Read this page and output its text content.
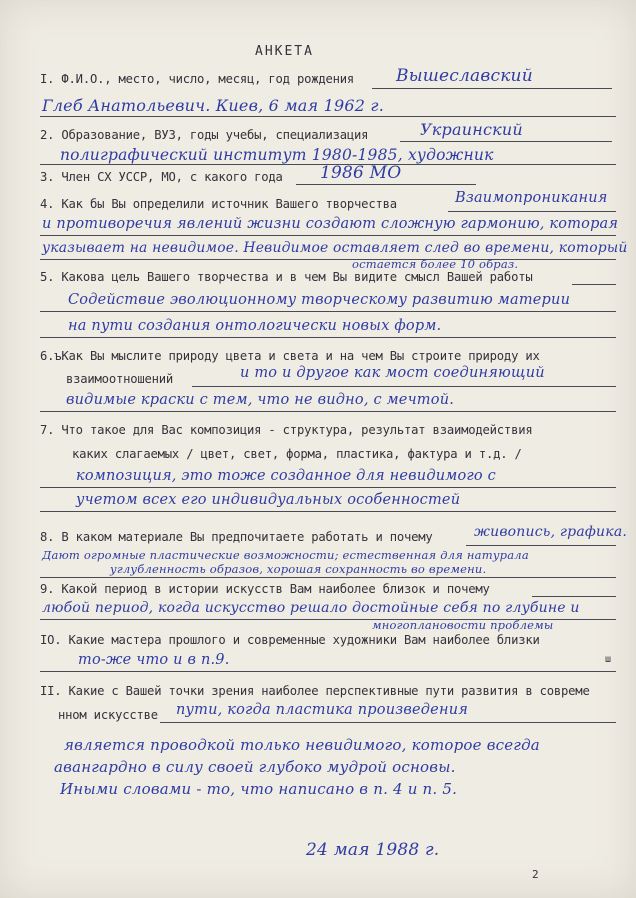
АНКЕТА
I. Ф.И.О., место, число, месяц, год рождения Вышеславский
Глеб Анатольевич. Киев, 6 мая 1962 г.
2. Образование, ВУЗ, годы учебы, специализация	Украинский
полиграфический институт 1980-1985, художник
3. Член СХ УССР, МО, с какого года 1986 МО
4. Как бы Вы определили источник Вашего творчества	Взаимопроникания
и противоречия явлений жизни создают сложную гармонию, которая
указывает на невидимое. Невидимое оставляет след во времени, который
остается более 10 образ.
5. Какова цель Вашего творчества и в чем Вы видите смысл Вашей работы
Содействие эволюционному творческому развитию материи
на пути создания онтологически новых форм.
6.ъКак Вы мыслите природу цвета и света и на чем Вы строите природу их
взаимоотношений	и то и другое как мост соединяющий
видимые краски с тем, что не видно, с мечтой.
7. Что такое для Вас композиция - структура, результат взаимодействия
каких слагаемых / цвет, свет, форма, пластика, фактура и т.д. /
композиция, это тоже созданное для невидимого с
учетом всех его индивидуальных особенностей
8. В каком материале Вы предпочитаете работать и почему	живопись, графика.
Дают огромные пластические возможности; естественная для натурала
углубленность образов, хорошая сохранность во времени.
9. Какой период в истории искусств Вам наиболее близок и почему
любой период, когда искусство решало достойные себя по глубине и
многоплановости проблемы
IO. Какие мастера прошлого и современные художники Вам наиболее близки
то-же что и в п.9.	ш
II. Какие с Вашей точки зрения наиболее перспективные пути развития в совреме
нном искусстве пути, когда пластика произведения
является проводкой только невидимого, которое всегда
авангардно в силу своей глубоко мудрой основы.
Иными словами - то, что написано в п. 4 и п. 5.
24 мая 1988 г.
2
